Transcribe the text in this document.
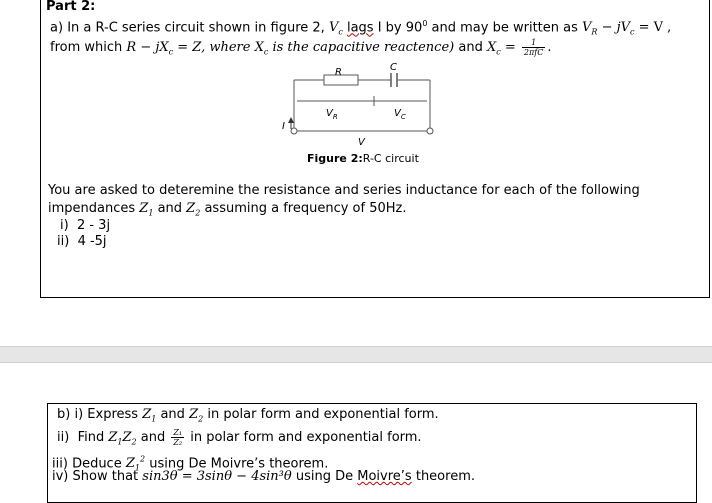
Part 2:
a) In a R-C series circuit shown in figure 2, $V_c$ lags I by $90^0$ and may be written as $V_R - jV_c = V$ ,
from which $R - jX_c = Z$, where $X_c$ is the capacitive reactence) and $X_c = \frac{1}{\text{2πfC}}$ .
R	C
I
V
$V_R$	$V_C$
Figure 2:R-C circuit
You are asked to deteremine the resistance and series inductance for each of the following
impendances $Z_1$ and $Z_2$ assuming a frequency of 50Hz.
i) 2 - 3j
ii) 4 -5j
b) i) Express $Z_1$ and $Z_2$ in polar form and exponential form.
ii) Find $Z_1Z_2$ and $\frac{\text{Z₁}}{\text{Z₂}}$ in polar form and exponential form.
iii) Deduce $Z_1^2$ using De Moivre’s theorem.
iv) Show that sin3θ = 3sinθ − 4sin³θ using De Moivre’s theorem.
